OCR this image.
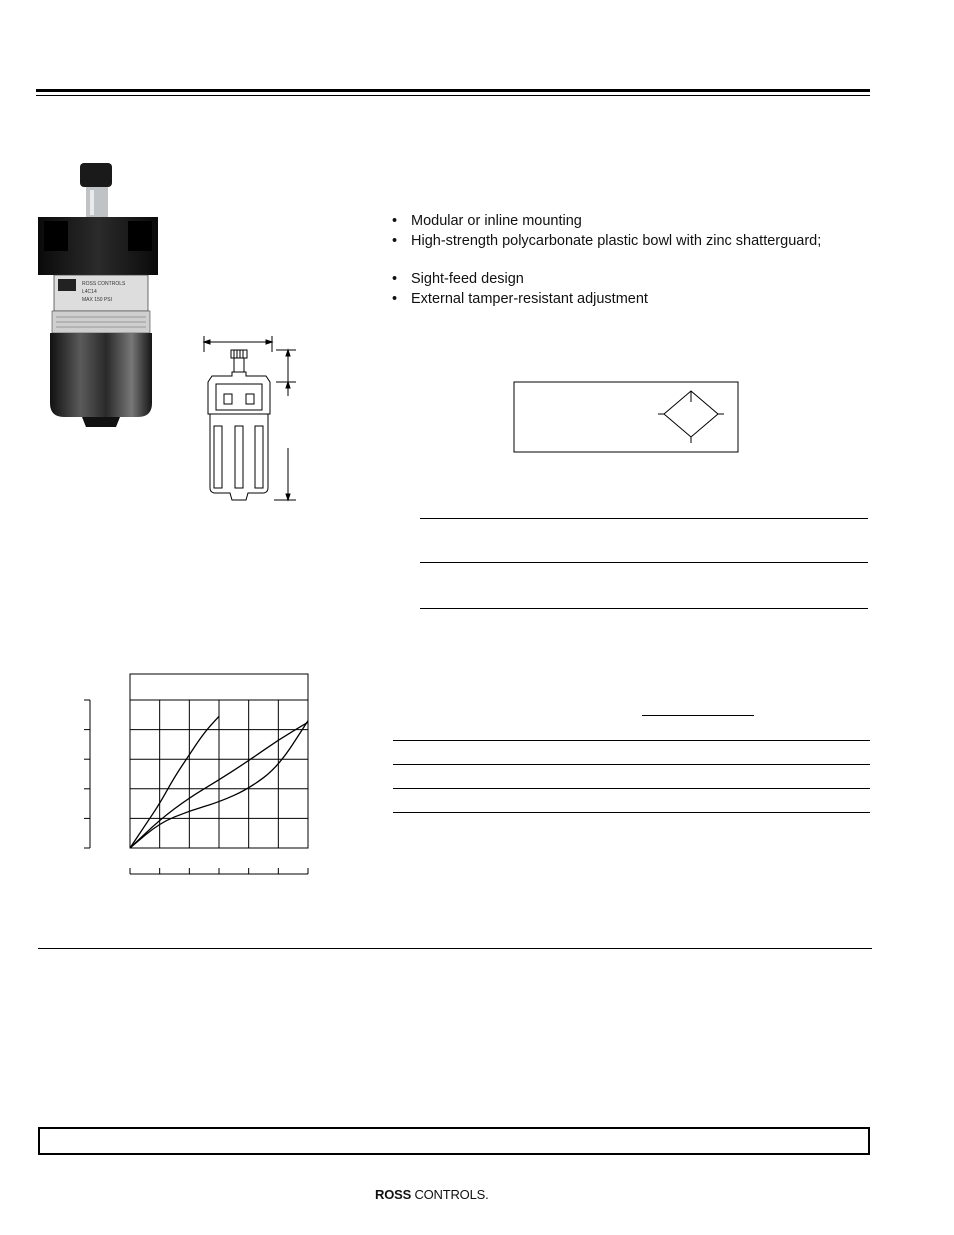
ROSS CONTROLS
L4C14
MAX 150 PSI
• Modular or inline mounting
• High-strength polycarbonate plastic bowl with zinc shatterguard;
• Sight-feed design
• External tamper-resistant adjustment
ROSS CONTROLS.
